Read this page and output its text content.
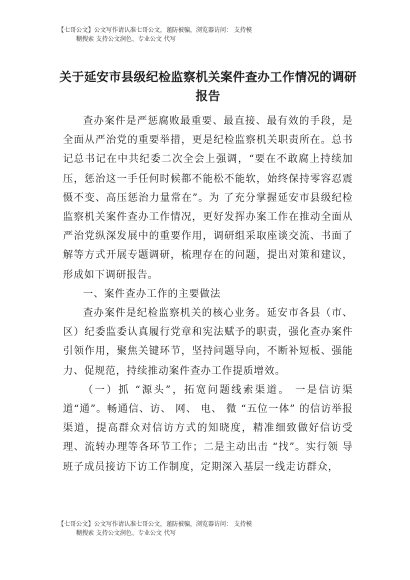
【七哥公文】公文写作请认准七哥公文，谨防被骗，浏览器访问： 支持模
糊搜索 支持公文润色、专业公文 代写
关于延安市县级纪检监察机关案件查办工作情况的调研报告

查办案件是严惩腐败最重要、最直接、最有效的手段，是全面从严治党的重要举措，更是纪检监察机关职责所在。总书记总书记在中共纪委二次全会上强调，“要在不敢腐上持续加压，惩治这一手任何时候都不能松不能软，始终保持零容忍震慑不变、高压惩治力量常在”。为 了充分掌握延安市县级纪检监察机关案件查办工作情况，更好发挥办案工作在推动全面从严治党纵深发展中的重要作用，调研组采取座谈交流、书面了解等方式开展专题调研，梳理存在的问题，提出对策和建议，形成如下调研报告。

一、案件查办工作的主要做法

查办案件是纪检监察机关的核心业务。延安市各县（市、区）纪委监委认真履行党章和宪法赋予的职责，强化查办案件引领作用，聚焦关键环节，坚持问题导向，不断补短板、强能力、促规范，持续推动案件查办工作提质增效。

（一）抓 “源头”，拓宽问题线索渠道。 一是信访渠道“通”。畅通信、访、 网、 电、 微 “五位一体” 的信访举报 渠道，提高群众对信访方式的知晓度，精准细致做好信访受 理、流转办理等各环节工作；二是主动出击 “找”。实行领 导班子成员接访下访工作制度，定期深入基层一线走访群众，

【七哥公文】公文写作请认准七哥公文，谨防被骗，浏览器访问： 支持模
糊搜索 支持公文润色、专业公文 代写
